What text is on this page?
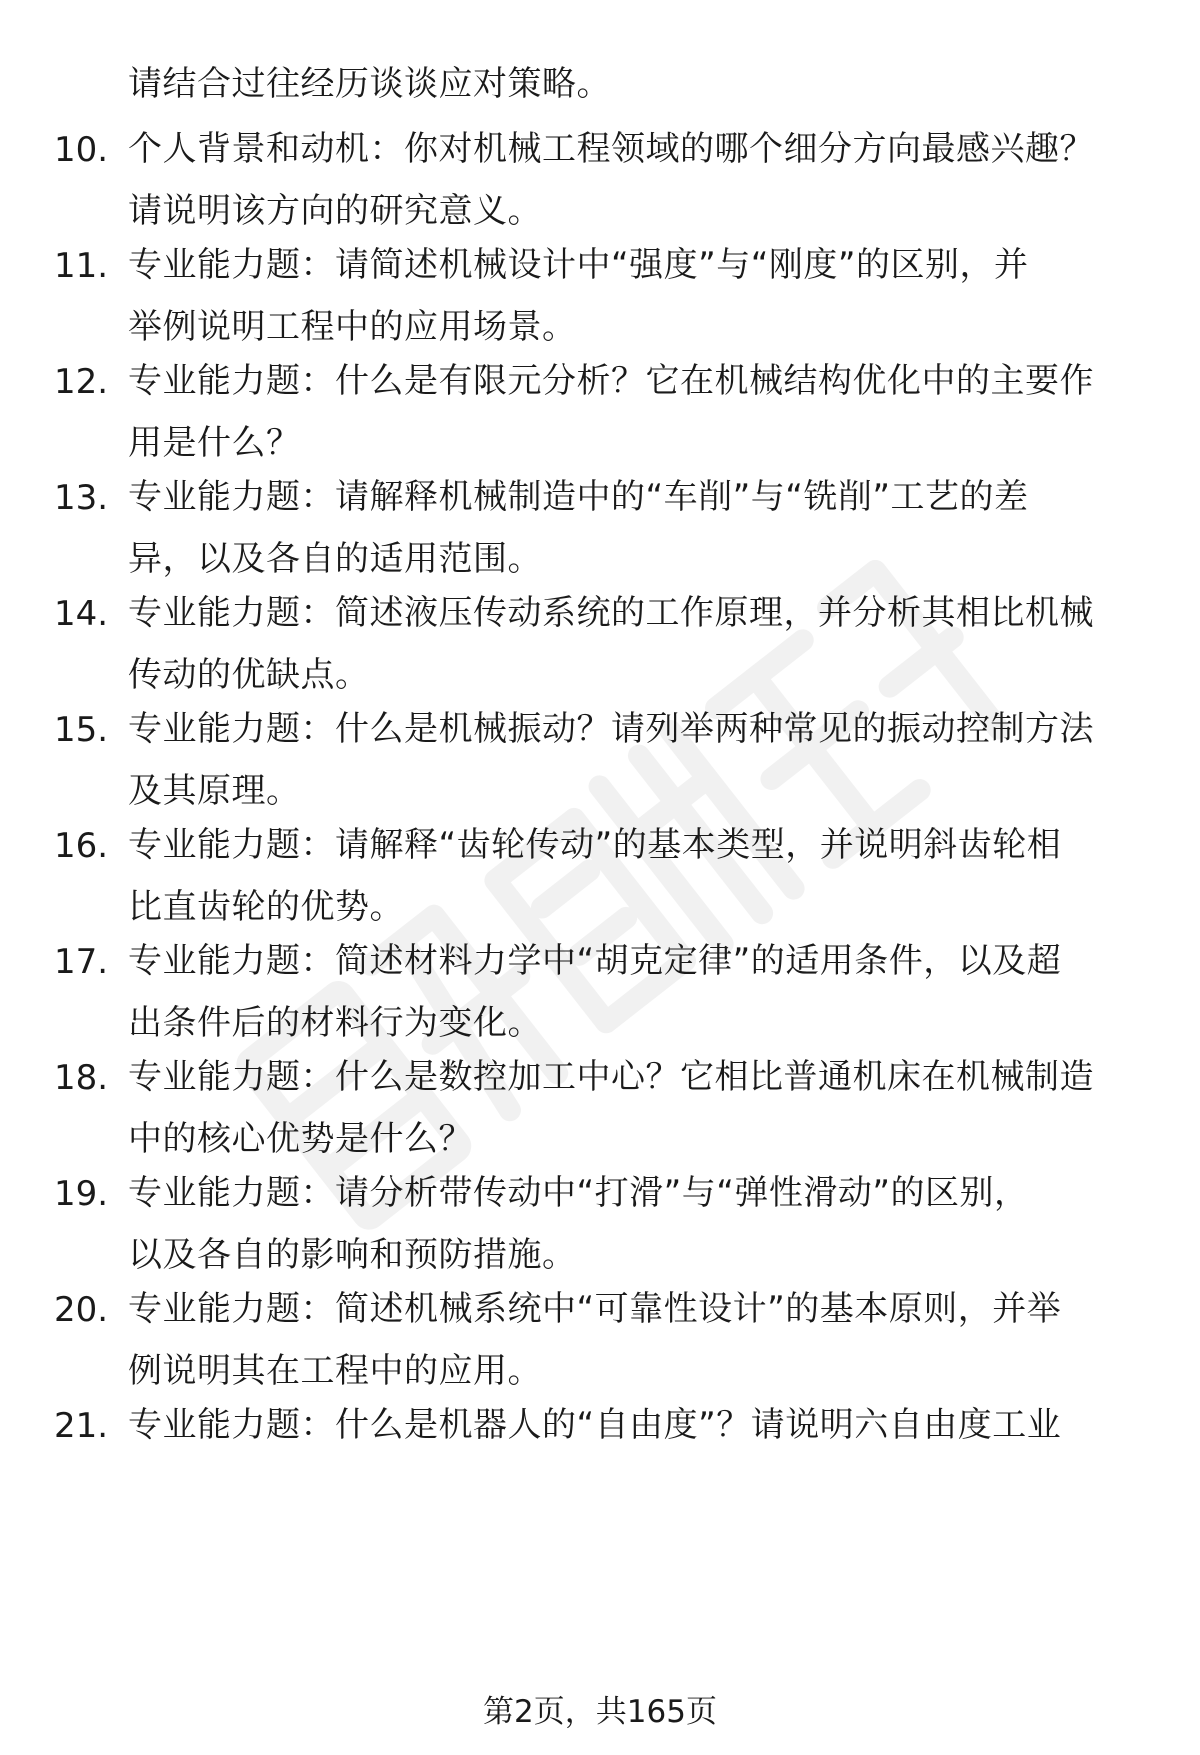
请结合过往经历谈谈应对策略。
10. 个人背景和动机：你对机械工程领域的哪个细分方向最感兴趣？
请说明该方向的研究意义。
11. 专业能力题：请简述机械设计中“强度”与“刚度”的区别，并
举例说明工程中的应用场景。
12. 专业能力题：什么是有限元分析？它在机械结构优化中的主要作
用是什么？
13. 专业能力题：请解释机械制造中的“车削”与“铣削”工艺的差
异，以及各自的适用范围。
14. 专业能力题：简述液压传动系统的工作原理，并分析其相比机械
传动的优缺点。
15. 专业能力题：什么是机械振动？请列举两种常见的振动控制方法
及其原理。
16. 专业能力题：请解释“齿轮传动”的基本类型，并说明斜齿轮相
比直齿轮的优势。
17. 专业能力题：简述材料力学中“胡克定律”的适用条件，以及超
出条件后的材料行为变化。
18. 专业能力题：什么是数控加工中心？它相比普通机床在机械制造
中的核心优势是什么？
19. 专业能力题：请分析带传动中“打滑”与“弹性滑动”的区别，
以及各自的影响和预防措施。
20. 专业能力题：简述机械系统中“可靠性设计”的基本原则，并举
例说明其在工程中的应用。
21. 专业能力题：什么是机器人的“自由度”？请说明六自由度工业
第2页，共165页
